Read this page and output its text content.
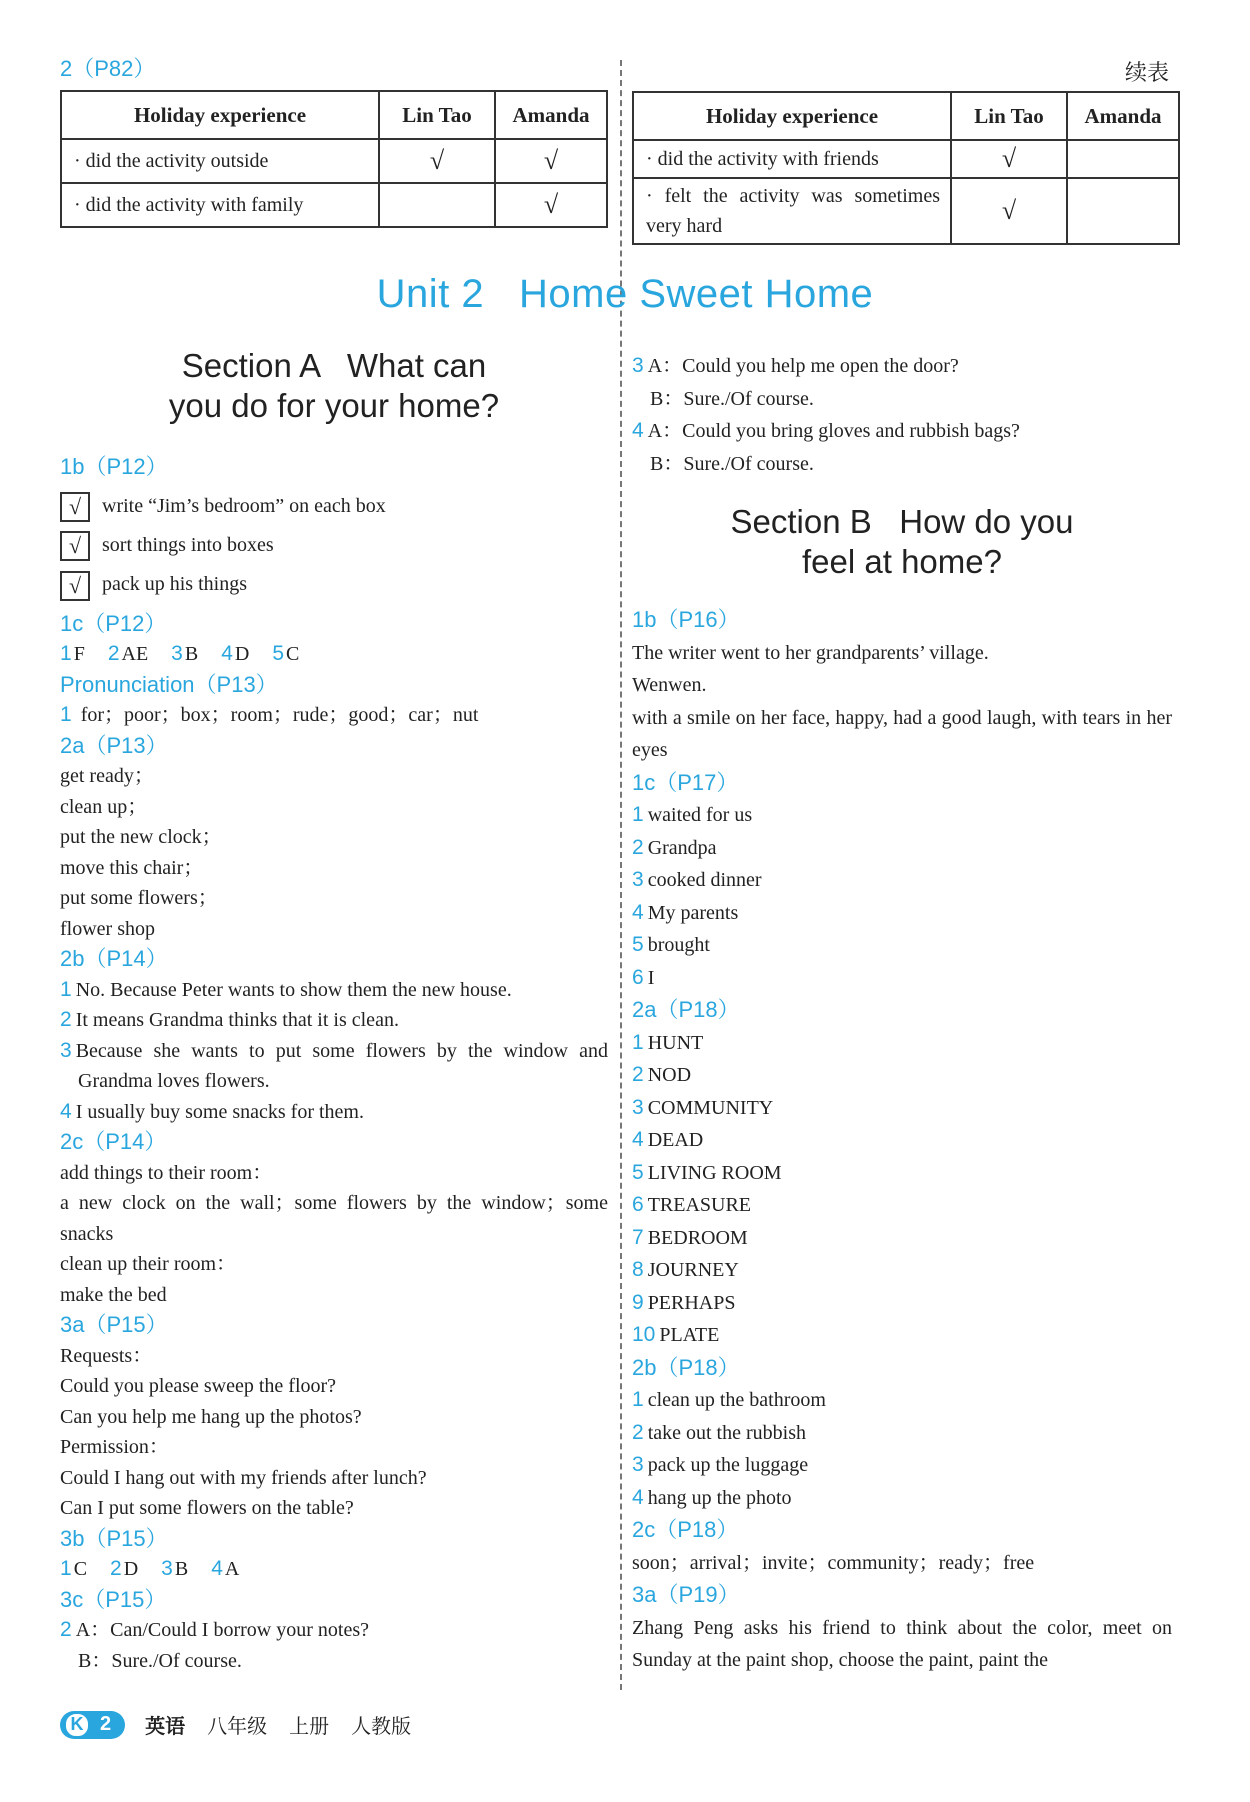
2（P82）	续表
Holiday experience	Lin Tao	Amanda
· did the activity outside	√	√
· did the activity with family		√
Holiday experience	Lin Tao	Amanda
· did the activity with friends	√	
· felt the activity was sometimes very hard	√	
Unit 2   Home Sweet Home
Section A   What can
you do for your home?
1b（P12）
√ write “Jim’s bedroom” on each box
√ sort things into boxes
√ pack up his things
1c（P12）
1 F 2 AE 3 B 4 D 5 C
Pronunciation（P13）
1 for；poor；box；room；rude；good；car；nut
2a（P13）
get ready；
clean up；
put the new clock；
move this chair；
put some flowers；
flower shop
2b（P14）
1 No. Because Peter wants to show them the new house.
2 It means Grandma thinks that it is clean.
3 Because she wants to put some flowers by the window and Grandma loves flowers.
4 I usually buy some snacks for them.
2c（P14）
add things to their room：
a new clock on the wall；some flowers by the window；some snacks
clean up their room：
make the bed
3a（P15）
Requests：
Could you please sweep the floor?
Can you help me hang up the photos?
Permission：
Could I hang out with my friends after lunch?
Can I put some flowers on the table?
3b（P15）
1 C 2 D 3 B 4 A
3c（P15）
2 A：Can/Could I borrow your notes?
B：Sure./Of course.
3 A：Could you help me open the door?
B：Sure./Of course.
4 A：Could you bring gloves and rubbish bags?
B：Sure./Of course.
Section B   How do you
feel at home?
1b（P16）
The writer went to her grandparents’ village.
Wenwen.
with a smile on her face, happy, had a good laugh, with tears in her eyes
1c（P17）
1 waited for us
2 Grandpa
3 cooked dinner
4 My parents
5 brought
6 I
2a（P18）
1 HUNT
2 NOD
3 COMMUNITY
4 DEAD
5 LIVING ROOM
6 TREASURE
7 BEDROOM
8 JOURNEY
9 PERHAPS
10 PLATE
2b（P18）
1 clean up the bathroom
2 take out the rubbish
3 pack up the luggage
4 hang up the photo
2c（P18）
soon；arrival；invite；community；ready；free
3a（P19）
Zhang Peng asks his friend to think about the color, meet on Sunday at the paint shop, choose the paint, paint the
K 2 英语 八年级 上册 人教版
